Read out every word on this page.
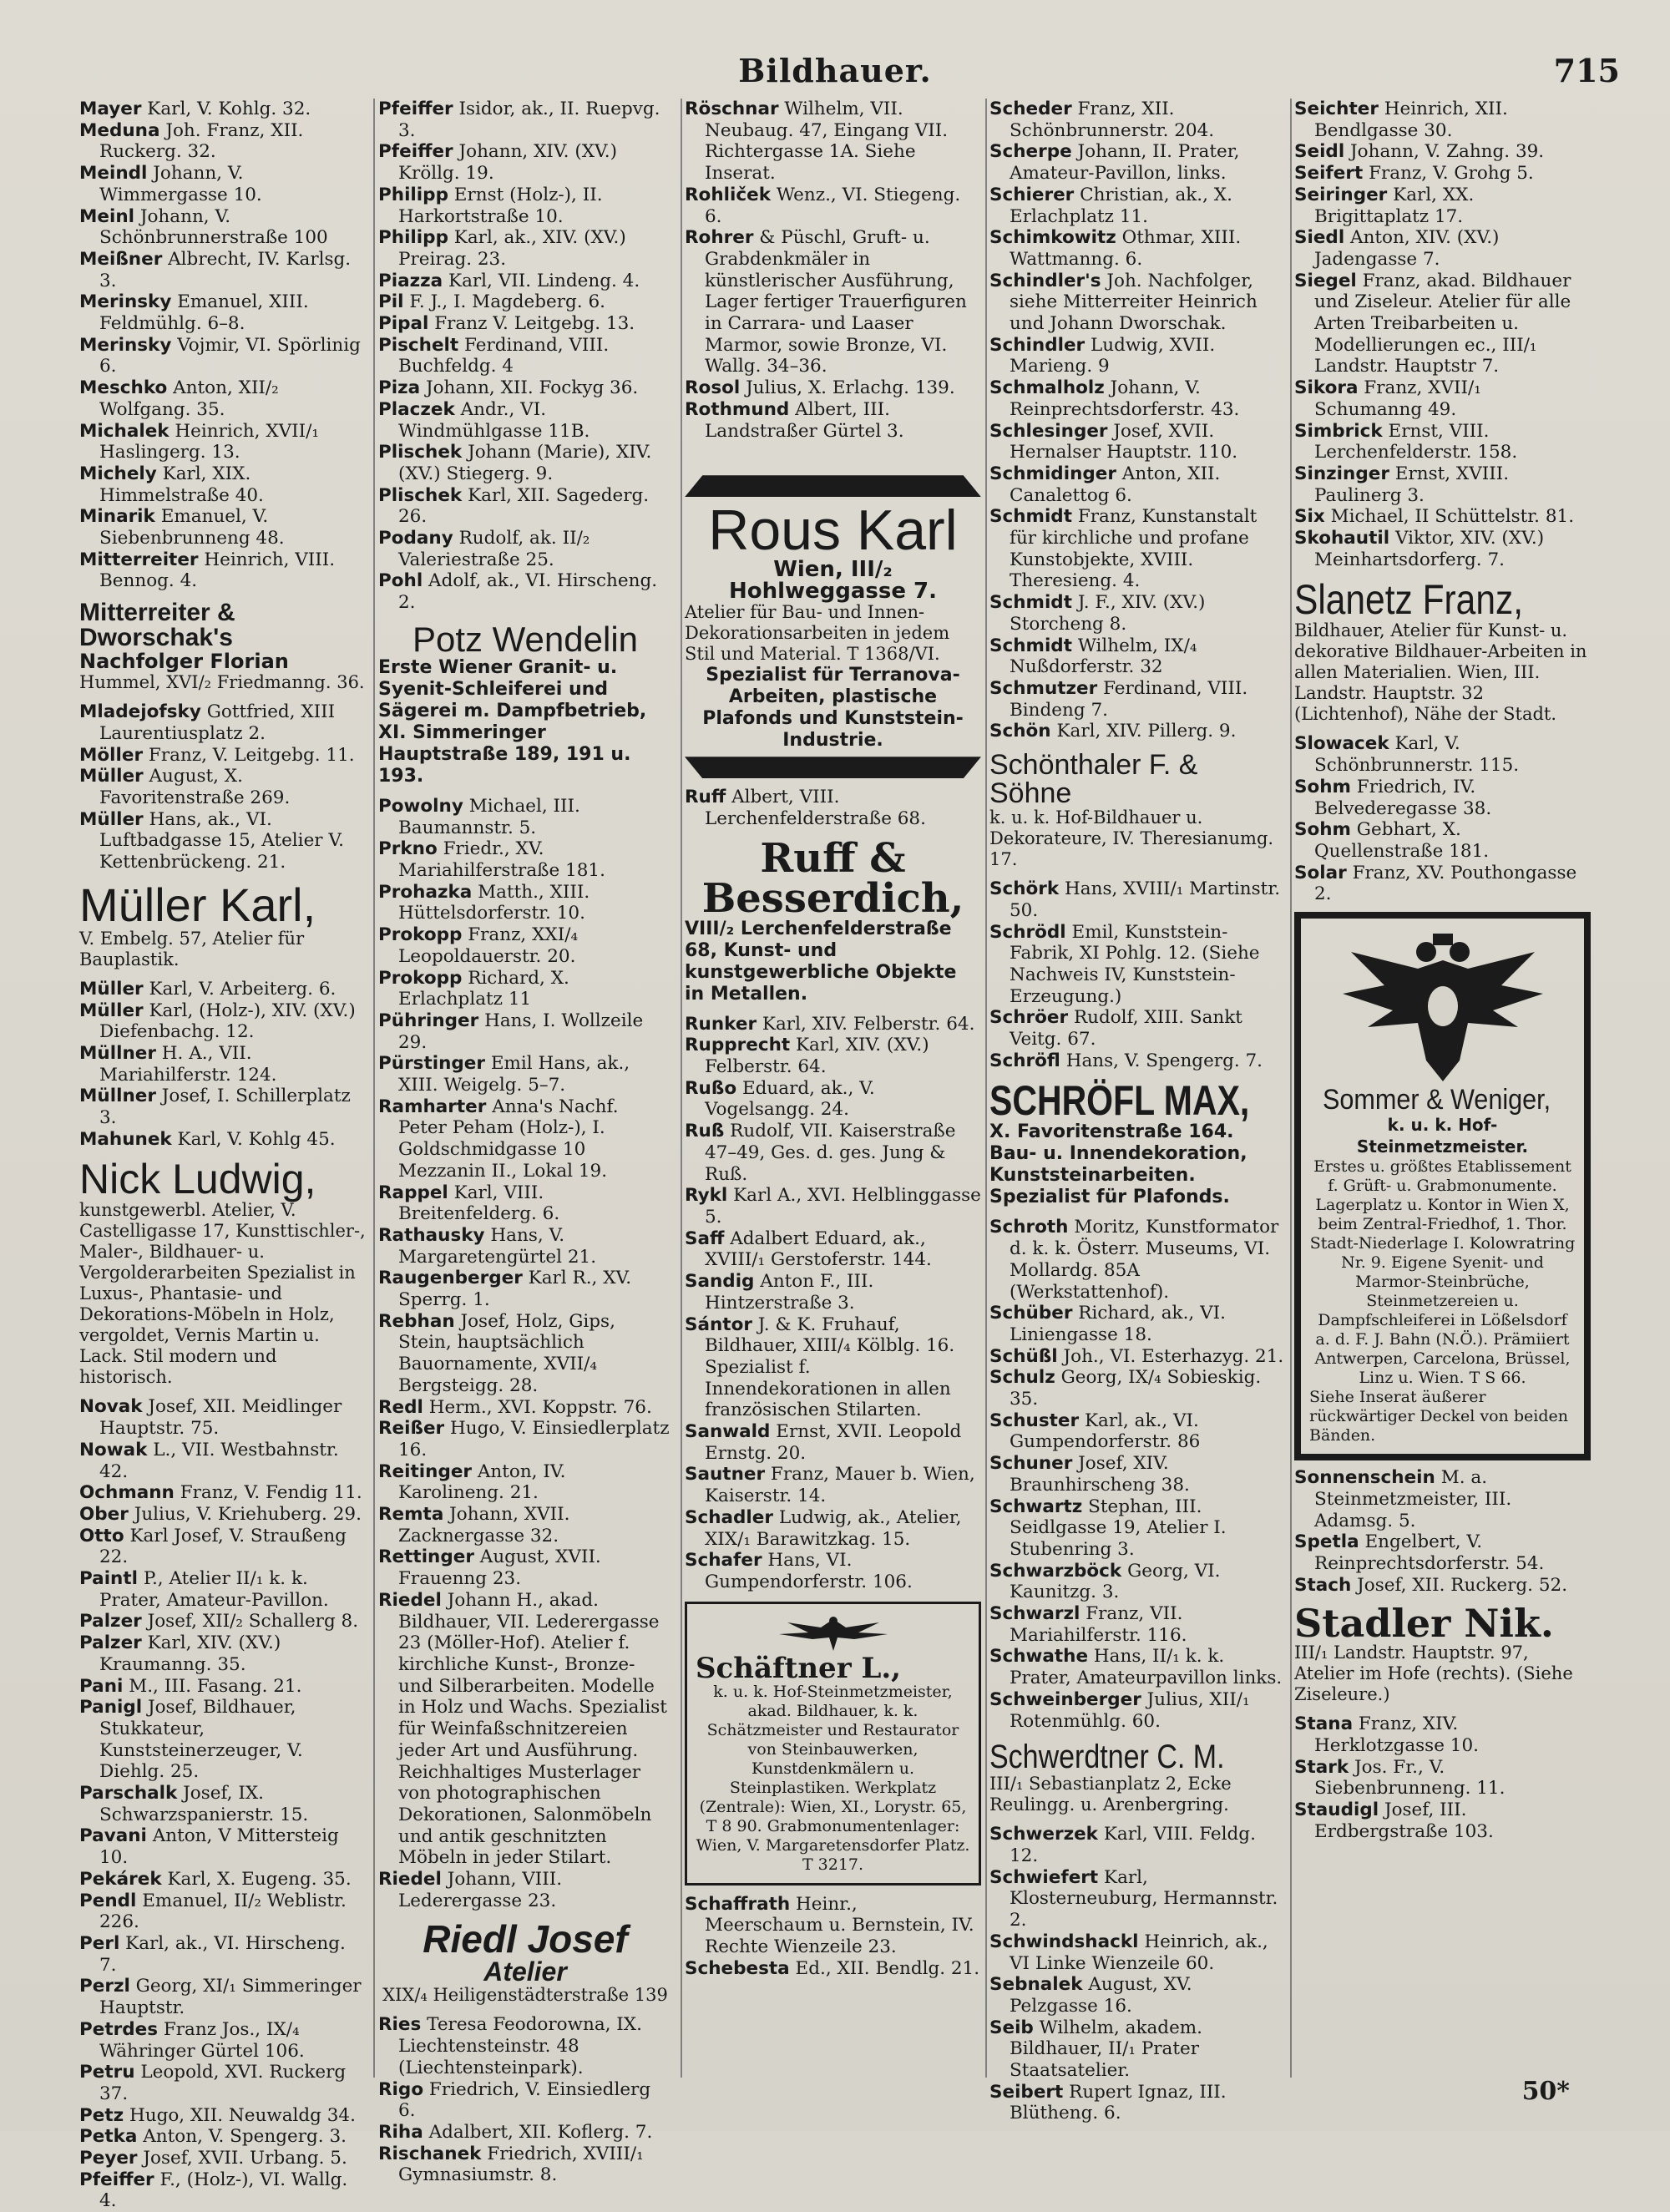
Bildhauer.	715

Mayer Karl, V. Kohlg. 32.

Meduna Joh. Franz, XII. Ruckerg. 32.

Meindl Johann, V. Wimmergasse 10.

Meinl Johann, V. Schönbrunnerstraße 100

Meißner Albrecht, IV. Karlsg. 3.

Merinsky Emanuel, XIII. Feldmühlg. 6–8.

Merinsky Vojmir, VI. Spörlinig 6.

Meschko Anton, XII/₂ Wolfgang. 35.

Michalek Heinrich, XVII/₁ Haslingerg. 13.

Michely Karl, XIX. Himmelstraße 40.

Minarik Emanuel, V. Siebenbrunneng 48.

Mitterreiter Heinrich, VIII. Bennog. 4.

Mitterreiter & Dworschak's
Nachfolger Florian
Hummel, XVI/₂ Friedmanng. 36.

Mladejofsky Gottfried, XIII Laurentiusplatz 2.

Möller Franz, V. Leitgebg. 11.

Müller August, X. Favoritenstraße 269.

Müller Hans, ak., VI. Luftbadgasse 15, Atelier V. Kettenbrückeng. 21.

Müller Karl,
V. Embelg. 57, Atelier für Bauplastik.

Müller Karl, V. Arbeiterg. 6.

Müller Karl, (Holz-), XIV. (XV.) Diefenbachg. 12.

Müllner H. A., VII. Mariahilferstr. 124.

Müllner Josef, I. Schillerplatz 3.

Mahunek Karl, V. Kohlg 45.

Nick Ludwig,
kunstgewerbl. Atelier, V. Castelligasse 17, Kunsttischler-, Maler-, Bildhauer- u. Vergolderarbeiten Spezialist in Luxus-, Phantasie- und Dekorations-Möbeln in Holz, vergoldet, Vernis Martin u. Lack. Stil modern und historisch.

Novak Josef, XII. Meidlinger Hauptstr. 75.

Nowak L., VII. Westbahnstr. 42.

Ochmann Franz, V. Fendig 11.

Ober Julius, V. Kriehuberg. 29.

Otto Karl Josef, V. Straußeng 22.

Paintl P., Atelier II/₁ k. k. Prater, Amateur-Pavillon.

Palzer Josef, XII/₂ Schallerg 8.

Palzer Karl, XIV. (XV.) Kraumanng. 35.

Pani M., III. Fasang. 21.

Panigl Josef, Bildhauer, Stukkateur, Kunststeinerzeuger, V. Diehlg. 25.

Parschalk Josef, IX. Schwarzspanierstr. 15.

Pavani Anton, V Mittersteig 10.

Pekárek Karl, X. Eugeng. 35.

Pendl Emanuel, II/₂ Weblistr. 226.

Perl Karl, ak., VI. Hirscheng. 7.

Perzl Georg, XI/₁ Simmeringer Hauptstr.

Petrdes Franz Jos., IX/₄ Währinger Gürtel 106.

Petru Leopold, XVI. Ruckerg 37.

Petz Hugo, XII. Neuwaldg 34.

Petka Anton, V. Spengerg. 3.

Peyer Josef, XVII. Urbang. 5.

Pfeiffer F., (Holz-), VI. Wallg. 4.

Pfeiffer Isidor, ak., II. Ruepvg. 3.

Pfeiffer Johann, XIV. (XV.) Kröllg. 19.

Philipp Ernst (Holz-), II. Harkortstraße 10.

Philipp Karl, ak., XIV. (XV.) Preirag. 23.

Piazza Karl, VII. Lindeng. 4.

Pil F. J., I. Magdeberg. 6.

Pipal Franz V. Leitgebg. 13.

Pischelt Ferdinand, VIII. Buchfeldg. 4

Piza Johann, XII. Fockyg 36.

Placzek Andr., VI. Windmühlgasse 11B.

Plischek Johann (Marie), XIV. (XV.) Stiegerg. 9.

Plischek Karl, XII. Sagederg. 26.

Podany Rudolf, ak. II/₂ Valeriestraße 25.

Pohl Adolf, ak., VI. Hirscheng. 2.

Potz Wendelin
Erste Wiener Granit- u. Syenit-Schleiferei und Sägerei m. Dampfbetrieb, XI. Simmeringer Hauptstraße 189, 191 u. 193.

Powolny Michael, III. Baumannstr. 5.

Prkno Friedr., XV. Mariahilferstraße 181.

Prohazka Matth., XIII. Hüttelsdorferstr. 10.

Prokopp Franz, XXI/₄ Leopoldauerstr. 20.

Prokopp Richard, X. Erlachplatz 11

Pühringer Hans, I. Wollzeile 29.

Pürstinger Emil Hans, ak., XIII. Weigelg. 5–7.

Ramharter Anna's Nachf. Peter Peham (Holz-), I. Goldschmidgasse 10 Mezzanin II., Lokal 19.

Rappel Karl, VIII. Breitenfelderg. 6.

Rathausky Hans, V. Margaretengürtel 21.

Raugenberger Karl R., XV. Sperrg. 1.

Rebhan Josef, Holz, Gips, Stein, hauptsächlich Bauornamente, XVII/₄ Bergsteigg. 28.

Redl Herm., XVI. Koppstr. 76.

Reißer Hugo, V. Einsiedlerplatz 16.

Reitinger Anton, IV. Karolineng. 21.

Remta Johann, XVII. Zacknergasse 32.

Rettinger August, XVII. Frauenng 23.

Riedel Johann H., akad. Bildhauer, VII. Lederergasse 23 (Möller-Hof). Atelier f. kirchliche Kunst-, Bronze- und Silberarbeiten. Modelle in Holz und Wachs. Spezialist für Weinfaßschnitzereien jeder Art und Ausführung. Reichhaltiges Musterlager von photographischen Dekorationen, Salonmöbeln und antik geschnitzten Möbeln in jeder Stilart.

Riedel Johann, VIII. Lederergasse 23.

Riedl Josef
Atelier
XIX/₄ Heiligenstädterstraße 139

Ries Teresa Feodorowna, IX. Liechtensteinstr. 48 (Liechtensteinpark).

Rigo Friedrich, V. Einsiedlerg 6.

Riha Adalbert, XII. Koflerg. 7.

Rischanek Friedrich, XVIII/₁ Gymnasiumstr. 8.

Röschnar Wilhelm, VII. Neubaug. 47, Eingang VII. Richtergasse 1A. Siehe Inserat.

Rohliček Wenz., VI. Stiegeng. 6.

Rohrer & Püschl, Gruft- u. Grabdenkmäler in künstlerischer Ausführung, Lager fertiger Trauerfiguren in Carrara- und Laaser Marmor, sowie Bronze, VI. Wallg. 34–36.

Rosol Julius, X. Erlachg. 139.

Rothmund Albert, III. Landstraßer Gürtel 3.

Rous Karl
Wien, III/₂ Hohlweggasse 7.
Atelier für Bau- und Innen-Dekorationsarbeiten in jedem Stil und Material. T 1368/VI.
Spezialist für Terranova-Arbeiten, plastische Plafonds und Kunststein-Industrie.

Ruff Albert, VIII. Lerchenfelderstraße 68.

Ruff & Besserdich,
VIII/₂ Lerchenfelderstraße 68, Kunst- und kunstgewerbliche Objekte in Metallen.

Runker Karl, XIV. Felberstr. 64.

Rupprecht Karl, XIV. (XV.) Felberstr. 64.

Rußo Eduard, ak., V. Vogelsangg. 24.

Ruß Rudolf, VII. Kaiserstraße 47–49, Ges. d. ges. Jung & Ruß.

Rykl Karl A., XVI. Helblinggasse 5.

Saff Adalbert Eduard, ak., XVIII/₁ Gerstoferstr. 144.

Sandig Anton F., III. Hintzerstraße 3.

Sántor J. & K. Fruhauf, Bildhauer, XIII/₄ Kölblg. 16. Spezialist f. Innendekorationen in allen französischen Stilarten.

Sanwald Ernst, XVII. Leopold Ernstg. 20.

Sautner Franz, Mauer b. Wien, Kaiserstr. 14.

Schadler Ludwig, ak., Atelier, XIX/₁ Barawitzkag. 15.

Schafer Hans, VI. Gumpendorferstr. 106.

Schäftner L.,
k. u. k. Hof-Steinmetzmeister, akad. Bildhauer, k. k. Schätzmeister und Restaurator von Steinbauwerken, Kunstdenkmälern u. Steinplastiken. Werkplatz (Zentrale): Wien, XI., Lorystr. 65, T 8 90. Grabmonumentenlager: Wien, V. Margaretensdorfer Platz. T 3217.

Schaffrath Heinr., Meerschaum u. Bernstein, IV. Rechte Wienzeile 23.

Schebesta Ed., XII. Bendlg. 21.

Scheder Franz, XII. Schönbrunnerstr. 204.

Scherpe Johann, II. Prater, Amateur-Pavillon, links.

Schierer Christian, ak., X. Erlachplatz 11.

Schimkowitz Othmar, XIII. Wattmanng. 6.

Schindler's Joh. Nachfolger, siehe Mitterreiter Heinrich und Johann Dworschak.

Schindler Ludwig, XVII. Marieng. 9

Schmalholz Johann, V. Reinprechtsdorferstr. 43.

Schlesinger Josef, XVII. Hernalser Hauptstr. 110.

Schmidinger Anton, XII. Canalettog 6.

Schmidt Franz, Kunstanstalt für kirchliche und profane Kunstobjekte, XVIII. Theresieng. 4.

Schmidt J. F., XIV. (XV.) Storcheng 8.

Schmidt Wilhelm, IX/₄ Nußdorferstr. 32

Schmutzer Ferdinand, VIII. Bindeng 7.

Schön Karl, XIV. Pillerg. 9.

Schönthaler F. & Söhne
k. u. k. Hof-Bildhauer u. Dekorateure, IV. Theresianumg. 17.

Schörk Hans, XVIII/₁ Martinstr. 50.

Schrödl Emil, Kunststein-Fabrik, XI Pohlg. 12. (Siehe Nachweis IV, Kunststein-Erzeugung.)

Schröer Rudolf, XIII. Sankt Veitg. 67.

Schröfl Hans, V. Spengerg. 7.

SCHRÖFL MAX,
X. Favoritenstraße 164. Bau- u. Innendekoration, Kunststeinarbeiten. Spezialist für Plafonds.

Schroth Moritz, Kunstformator d. k. k. Österr. Museums, VI. Mollardg. 85A (Werkstattenhof).

Schüber Richard, ak., VI. Liniengasse 18.

Schüßl Joh., VI. Esterhazyg. 21.

Schulz Georg, IX/₄ Sobieskig. 35.

Schuster Karl, ak., VI. Gumpendorferstr. 86

Schuner Josef, XIV. Braunhirscheng 38.

Schwartz Stephan, III. Seidlgasse 19, Atelier I. Stubenring 3.

Schwarzböck Georg, VI. Kaunitzg. 3.

Schwarzl Franz, VII. Mariahilferstr. 116.

Schwathe Hans, II/₁ k. k. Prater, Amateurpavillon links.

Schweinberger Julius, XII/₁ Rotenmühlg. 60.

Schwerdtner C. M.
III/₁ Sebastianplatz 2, Ecke Reulingg. u. Arenbergring.

Schwerzek Karl, VIII. Feldg. 12.

Schwiefert Karl, Klosterneuburg, Hermannstr. 2.

Schwindshackl Heinrich, ak., VI Linke Wienzeile 60.

Sebnalek August, XV. Pelzgasse 16.

Seib Wilhelm, akadem. Bildhauer, II/₁ Prater Staatsatelier.

Seibert Rupert Ignaz, III. Blütheng. 6.

Seichter Heinrich, XII. Bendlgasse 30.

Seidl Johann, V. Zahng. 39.

Seifert Franz, V. Grohg 5.

Seiringer Karl, XX. Brigittaplatz 17.

Siedl Anton, XIV. (XV.) Jadengasse 7.

Siegel Franz, akad. Bildhauer und Ziseleur. Atelier für alle Arten Treibarbeiten u. Modellierungen ec., III/₁ Landstr. Hauptstr 7.

Sikora Franz, XVII/₁ Schumanng 49.

Simbrick Ernst, VIII. Lerchenfelderstr. 158.

Sinzinger Ernst, XVIII. Paulinerg 3.

Six Michael, II Schüttelstr. 81.

Skohautil Viktor, XIV. (XV.) Meinhartsdorferg. 7.

Slanetz Franz,
Bildhauer, Atelier für Kunst- u. dekorative Bildhauer-Arbeiten in allen Materialien. Wien, III. Landstr. Hauptstr. 32 (Lichtenhof), Nähe der Stadt.

Slowacek Karl, V. Schönbrunnerstr. 115.

Sohm Friedrich, IV. Belvederegasse 38.

Sohm Gebhart, X. Quellenstraße 181.

Solar Franz, XV. Pouthongasse 2.

Sommer & Weniger,
k. u. k. Hof-Steinmetzmeister.
Erstes u. größtes Etablissement f. Grüft- u. Grabmonumente. Lagerplatz u. Kontor in Wien X, beim Zentral-Friedhof, 1. Thor. Stadt-Niederlage I. Kolowratring Nr. 9. Eigene Syenit- und Marmor-Steinbrüche, Steinmetzereien u. Dampfschleiferei in Lößelsdorf a. d. F. J. Bahn (N.Ö.). Prämiiert Antwerpen, Carcelona, Brüssel, Linz u. Wien. T S 66.
Siehe Inserat äußerer rückwärtiger Deckel von beiden Bänden.

Sonnenschein M. a. Steinmetzmeister, III. Adamsg. 5.

Spetla Engelbert, V. Reinprechtsdorferstr. 54.

Stach Josef, XII. Ruckerg. 52.

Stadler Nik.
III/₁ Landstr. Hauptstr. 97, Atelier im Hofe (rechts). (Siehe Ziseleure.)

Stana Franz, XIV. Herklotzgasse 10.

Stark Jos. Fr., V. Siebenbrunneng. 11.

Staudigl Josef, III. Erdbergstraße 103.

50*
